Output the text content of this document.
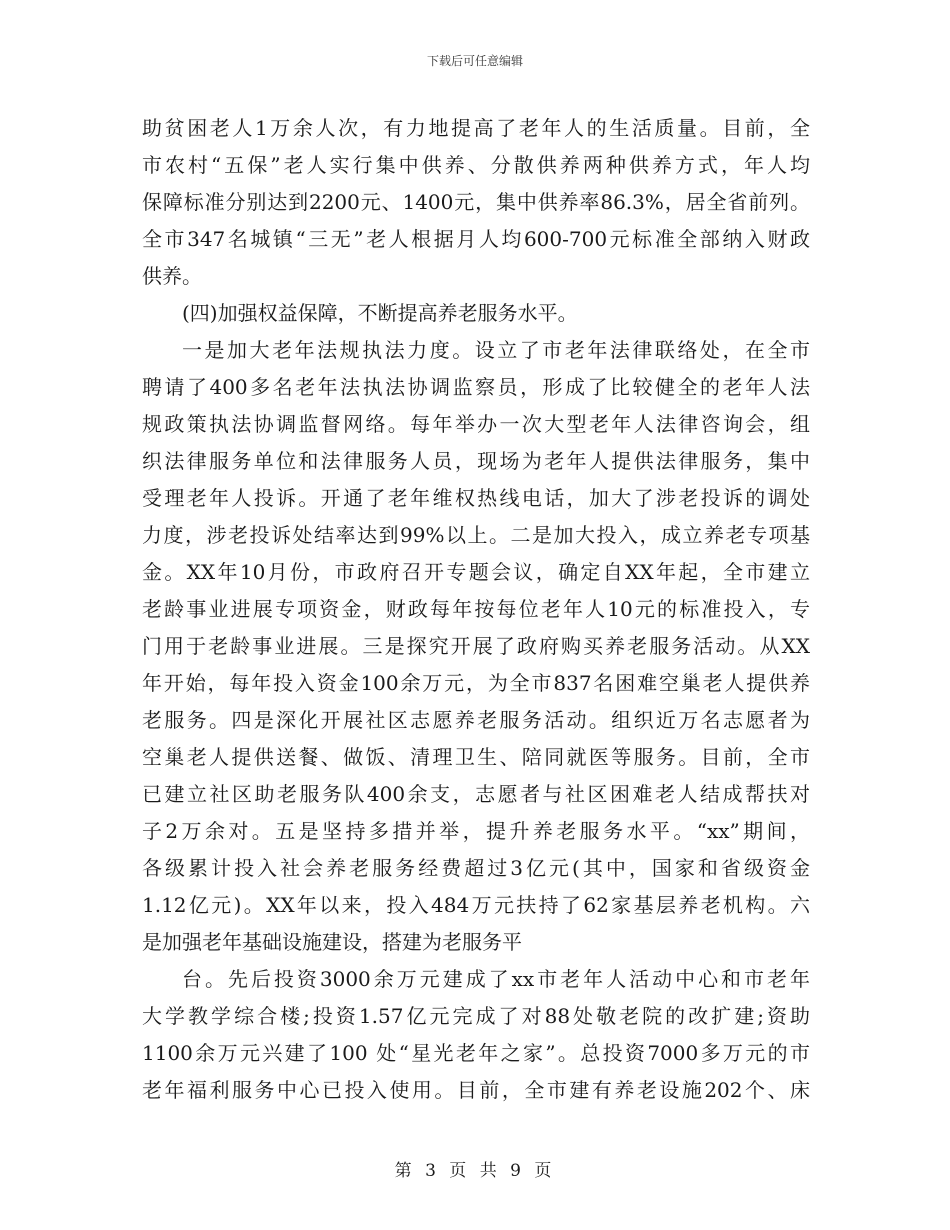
下载后可任意编辑
助贫困老人1万余人次，有力地提高了老年人的生活质量。目前，全
市农村“五保”老人实行集中供养、分散供养两种供养方式，年人均
保障标准分别达到2200元、1400元，集中供养率86.3%，居全省前列。
全市347名城镇“三无”老人根据月人均600-700元标准全部纳入财政
供养。
(四)加强权益保障，不断提高养老服务水平。
一是加大老年法规执法力度。设立了市老年法律联络处，在全市
聘请了400多名老年法执法协调监察员，形成了比较健全的老年人法
规政策执法协调监督网络。每年举办一次大型老年人法律咨询会，组
织法律服务单位和法律服务人员，现场为老年人提供法律服务，集中
受理老年人投诉。开通了老年维权热线电话，加大了涉老投诉的调处
力度，涉老投诉处结率达到99%以上。二是加大投入，成立养老专项基
金。XX年10月份，市政府召开专题会议，确定自XX年起，全市建立
老龄事业进展专项资金，财政每年按每位老年人10元的标准投入，专
门用于老龄事业进展。三是探究开展了政府购买养老服务活动。从XX
年开始，每年投入资金100余万元，为全市837名困难空巢老人提供养
老服务。四是深化开展社区志愿养老服务活动。组织近万名志愿者为
空巢老人提供送餐、做饭、清理卫生、陪同就医等服务。目前，全市
已建立社区助老服务队400余支，志愿者与社区困难老人结成帮扶对
子2万余对。五是坚持多措并举，提升养老服务水平。“xx”期间，
各级累计投入社会养老服务经费超过3亿元(其中，国家和省级资金
1.12亿元)。XX年以来，投入484万元扶持了62家基层养老机构。六
是加强老年基础设施建设，搭建为老服务平
台。先后投资3000余万元建成了xx市老年人活动中心和市老年
大学教学综合楼;投资1.57亿元完成了对88处敬老院的改扩建;资助
1100余万元兴建了100 处“星光老年之家”。总投资7000多万元的市
老年福利服务中心已投入使用。目前，全市建有养老设施202个、床
第 3 页 共 9 页
